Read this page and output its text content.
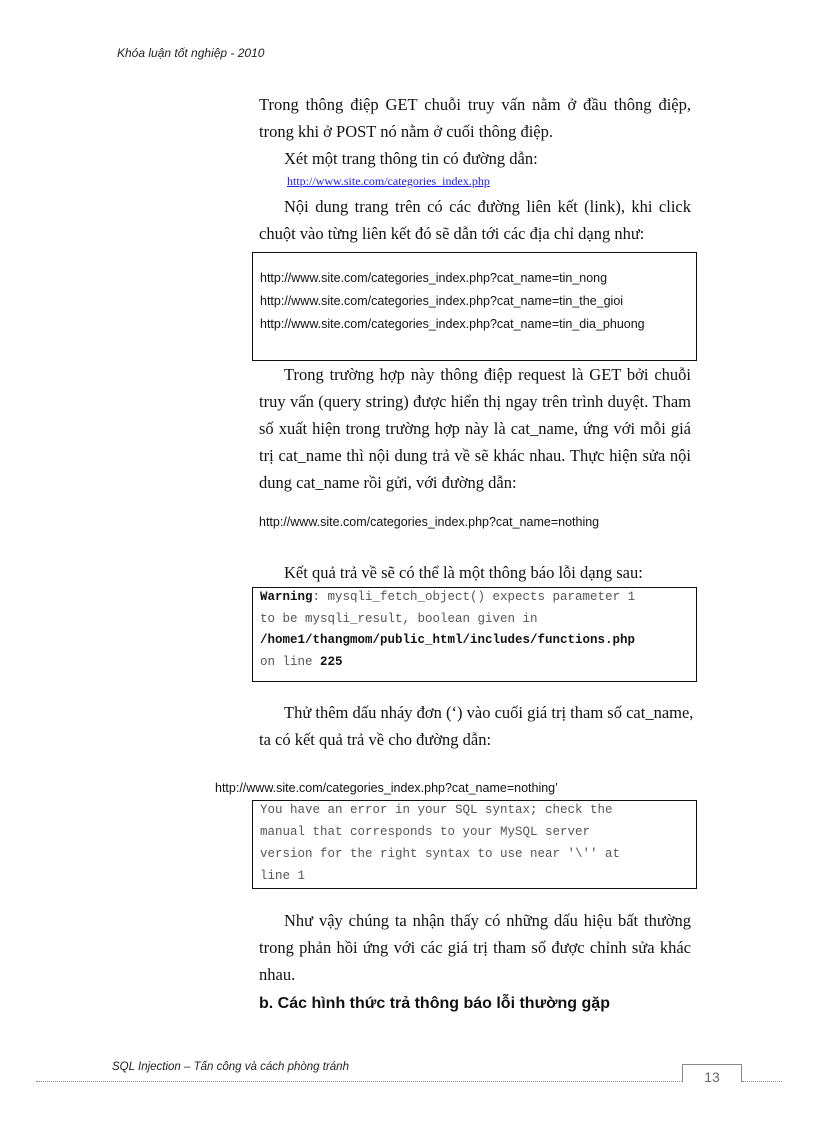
Khóa luận tốt nghiệp - 2010
Trong thông điệp GET chuỗi truy vấn nằm ở đầu thông điệp,
trong khi ở POST nó nằm ở cuối thông điệp.
Xét một trang thông tin có đường dẫn:
http://www.site.com/categories_index.php
Nội dung trang trên có các đường liên kết (link), khi click
chuột vào từng liên kết đó sẽ dẫn tới các địa chỉ dạng như:
http://www.site.com/categories_index.php?cat_name=tin_nong
http://www.site.com/categories_index.php?cat_name=tin_the_gioi
http://www.site.com/categories_index.php?cat_name=tin_dia_phuong
Trong trường hợp này thông điệp request là GET bởi chuỗi
truy vấn (query string) được hiển thị ngay trên trình duyệt. Tham
số xuất hiện trong trường hợp này là cat_name, ứng với mỗi giá
trị cat_name thì nội dung trả về sẽ khác nhau. Thực hiện sửa nội
dung cat_name rồi gửi, với đường dẫn:
http://www.site.com/categories_index.php?cat_name=nothing
Kết quả trả về sẽ có thể là một thông báo lỗi dạng sau:
Warning: mysqli_fetch_object() expects parameter 1
to be mysqli_result, boolean given in
/home1/thangmom/public_html/includes/functions.php
on line 225
Thử thêm dấu nháy đơn (‘) vào cuối giá trị tham số cat_name,
ta có kết quả trả về cho đường dẫn:
http://www.site.com/categories_index.php?cat_name=nothing’
You have an error in your SQL syntax; check the
manual that corresponds to your MySQL server
version for the right syntax to use near '\'' at
line 1
Như vậy chúng ta nhận thấy có những dấu hiệu bất thường
trong phản hồi ứng với các giá trị tham số được chỉnh sửa khác
nhau.
b. Các hình thức trả thông báo lỗi thường gặp
SQL Injection – Tấn công và cách phòng tránh
13
